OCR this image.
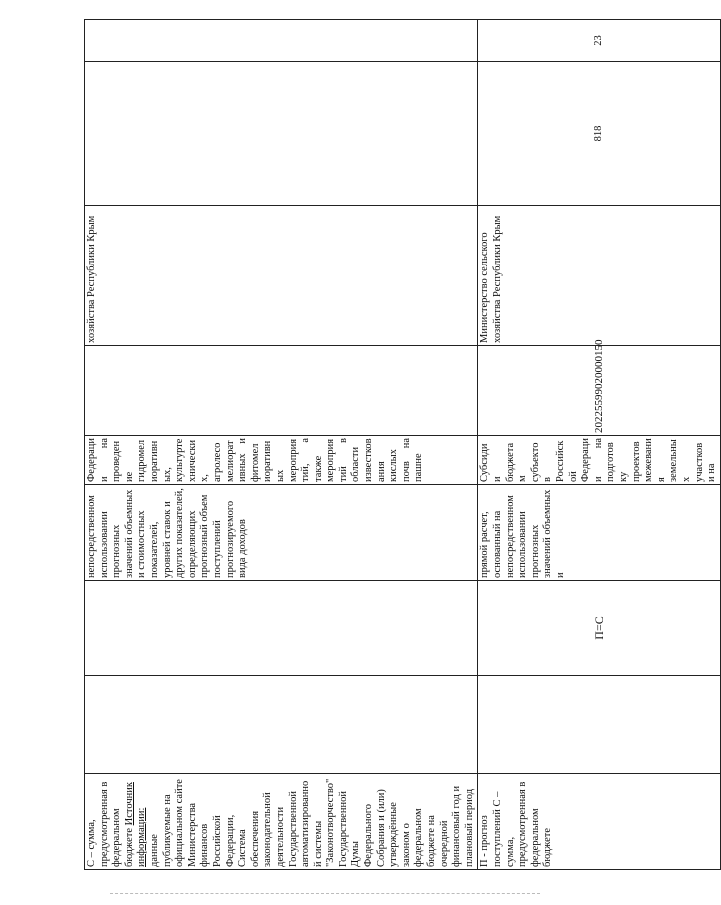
С – сумма, предусмотренная в федеральном бюджете Источник информации: данные публикуемые на официальном сайте Министерства финансов Российской Федерации, Система обеспечения законодательной деятельности Государственной автоматизированной системы "Законотворчество" Государственной Думы Федерального Собрания и (или) утверждённые законом о федеральном бюджете на очередной финансовый год и плановый период			непосредственном использовании прогнозных значений объемных и стоимостных показателей, уровней ставок и других показателей, определяющих прогнозный объем поступлений прогнозируемого вида доходов	Федерации на проведение гидромелиоративных, культуртехнических, агролесомелиоративных и фитомелиоративных мероприятий, а также мероприятий в области известкования кислых почв на пашне		хозяйства Республики Крым		
П - прогноз поступлений С – сумма, предусмотренная в федеральном бюджете		П=С	прямой расчет, основанный на непосредственном использовании прогнозных значений объемных и	Субсидии бюджетам субъектов Российской Федерации на подготовку проектов межевания земельных участков и на	20225599020000150	Министерство сельского хозяйства Республики Крым	818	23
